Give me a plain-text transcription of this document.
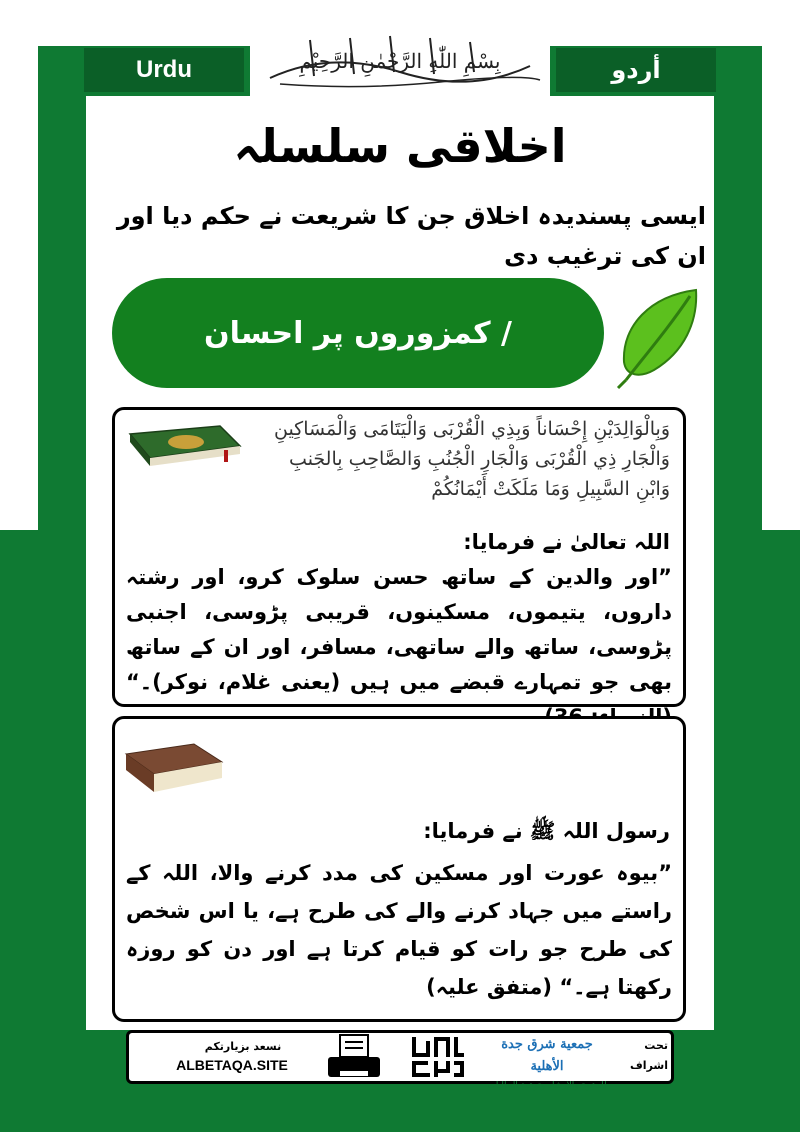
Urdu	أردو
بِسْمِ اللّٰهِ الرَّحْمٰنِ الرَّحِيْمِ
اخلاقی سلسلہ
ایسی پسندیدہ اخلاق جن کا شریعت نے حکم دیا اور ان کی ترغیب دی
/ کمزوروں پر احسان
وَبِالْوَالِدَيْنِ إِحْسَاناً وَبِذِي الْقُرْبَى وَالْيَتَامَى وَالْمَسَاكِينِ
وَالْجَارِ ذِي الْقُرْبَى وَالْجَارِ الْجُنُبِ وَالصَّاحِبِ بِالجَنبِ
وَابْنِ السَّبِيلِ وَمَا مَلَكَتْ أَيْمَانُكُمْ
اللہ تعالیٰ نے فرمایا:
”اور والدین کے ساتھ حسن سلوک کرو، اور رشتہ داروں، یتیموں، مسکینوں، قریبی پڑوسی، اجنبی پڑوسی، ساتھ والے ساتھی، مسافر، اور ان کے ساتھ بھی جو تمہارے قبضے میں ہیں (یعنی غلام، نوکر)۔“
رسول اللہ ﷺ نے فرمایا:
”بیوہ عورت اور مسکین کی مدد کرنے والا، اللہ کے راستے میں جہاد کرنے والے کی طرح ہے، یا اس شخص کی طرح جو رات کو قیام کرتا ہے اور دن کو روزہ رکھتا ہے۔“ (متفق علیہ)
نسعد بزيارتكم
ALBETAQA.SITE
جمعية شرق جدة الأهلية
للدعوة والإرشاد وتوعية الجاليات
تحت
اشراف
